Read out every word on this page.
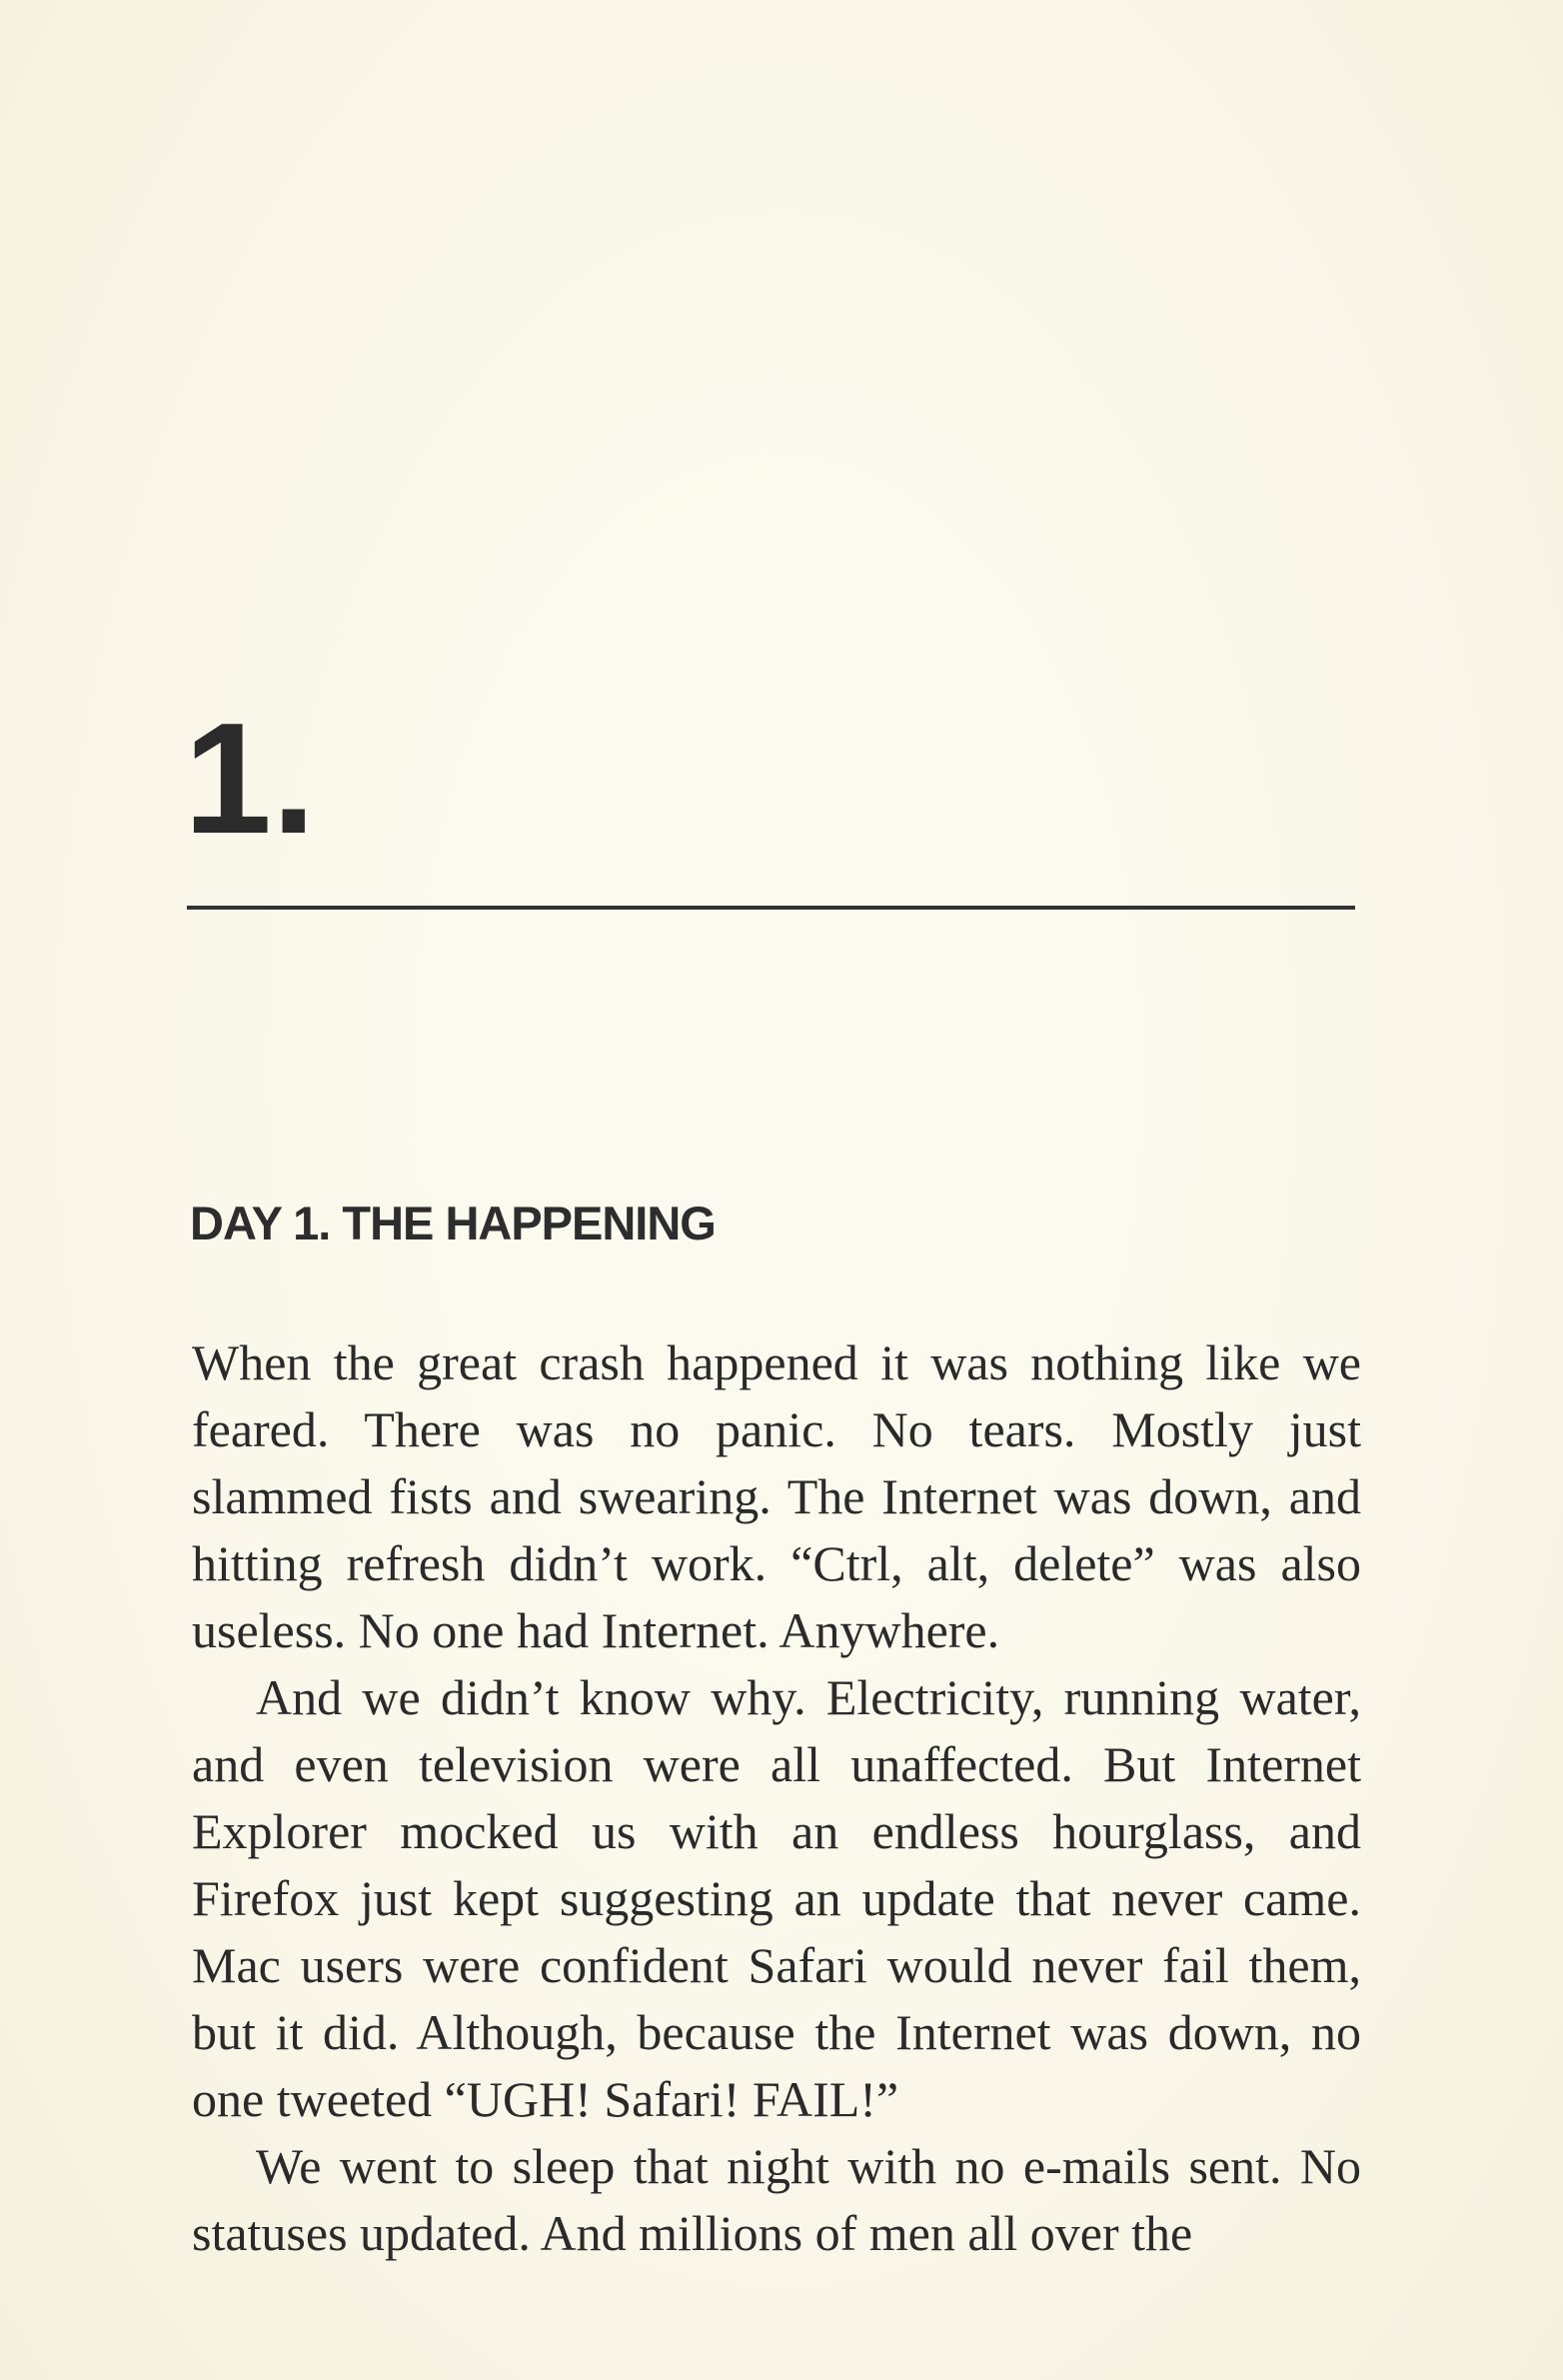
1.
DAY 1. THE HAPPENING

When the great crash happened it was nothing like we feared. There was no panic. No tears. Mostly just slammed fists and swearing. The Internet was down, and hitting refresh didn’t work. “Ctrl, alt, delete” was also useless. No one had Internet. Anywhere.

And we didn’t know why. Electricity, running water, and even television were all unaffected. But Internet Explorer mocked us with an endless hourglass, and Firefox just kept suggesting an update that never came. Mac users were confident Safari would never fail them, but it did. Although, because the Internet was down, no one tweeted “UGH! Safari! FAIL!”

We went to sleep that night with no e-mails sent. No statuses updated. And millions of men all over the
